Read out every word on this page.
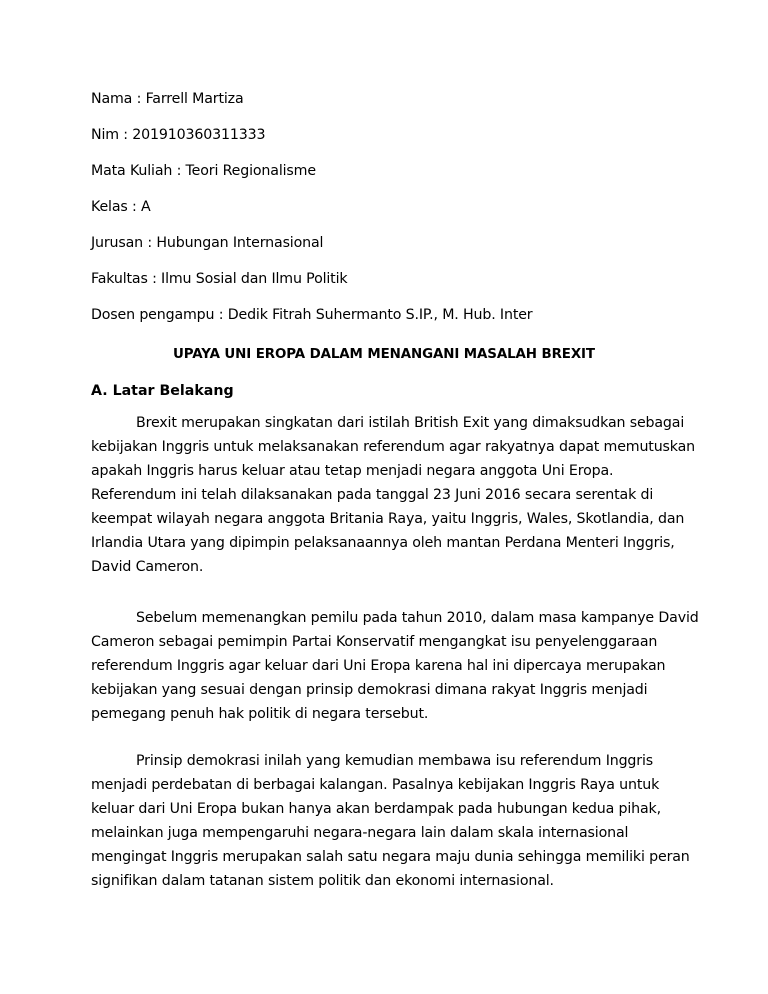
Nama : Farrell Martiza
Nim : 201910360311333
Mata Kuliah : Teori Regionalisme
Kelas : A
Jurusan : Hubungan Internasional
Fakultas : Ilmu Sosial dan Ilmu Politik
Dosen pengampu : Dedik Fitrah Suhermanto S.IP., M. Hub. Inter
UPAYA UNI EROPA DALAM MENANGANI MASALAH BREXIT
A. Latar Belakang
Brexit merupakan singkatan dari istilah British Exit yang dimaksudkan sebagai
kebijakan Inggris untuk melaksanakan referendum agar rakyatnya dapat memutuskan
apakah Inggris harus keluar atau tetap menjadi negara anggota Uni Eropa.
Referendum ini telah dilaksanakan pada tanggal 23 Juni 2016 secara serentak di
keempat wilayah negara anggota Britania Raya, yaitu Inggris, Wales, Skotlandia, dan
Irlandia Utara yang dipimpin pelaksanaannya oleh mantan Perdana Menteri Inggris,
David Cameron.
Sebelum memenangkan pemilu pada tahun 2010, dalam masa kampanye David
Cameron sebagai pemimpin Partai Konservatif mengangkat isu penyelenggaraan
referendum Inggris agar keluar dari Uni Eropa karena hal ini dipercaya merupakan
kebijakan yang sesuai dengan prinsip demokrasi dimana rakyat Inggris menjadi
pemegang penuh hak politik di negara tersebut.
Prinsip demokrasi inilah yang kemudian membawa isu referendum Inggris
menjadi perdebatan di berbagai kalangan. Pasalnya kebijakan Inggris Raya untuk
keluar dari Uni Eropa bukan hanya akan berdampak pada hubungan kedua pihak,
melainkan juga mempengaruhi negara-negara lain dalam skala internasional
mengingat Inggris merupakan salah satu negara maju dunia sehingga memiliki peran
signifikan dalam tatanan sistem politik dan ekonomi internasional.
